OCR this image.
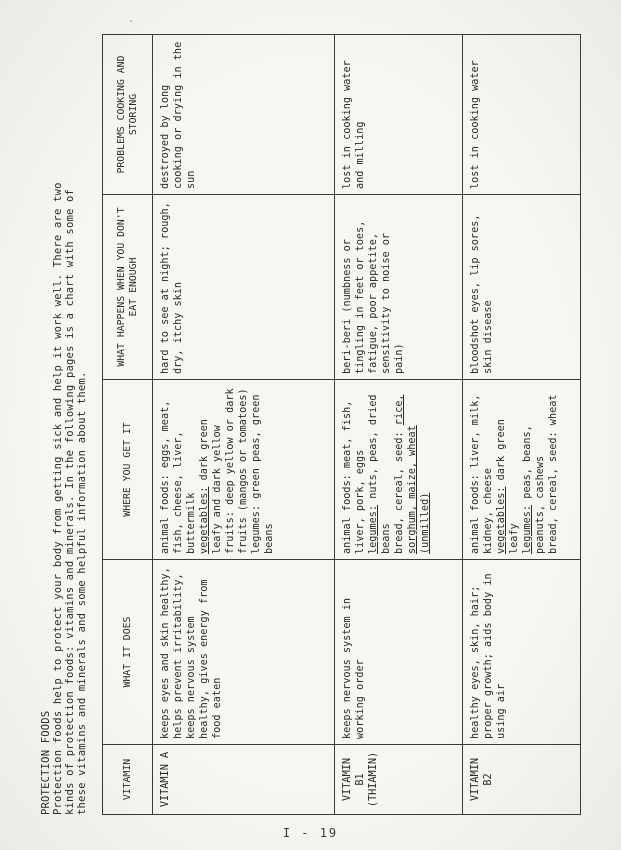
ˇ
PROTECTION FOODS Protection foods help to protect your body from getting sick and help it work well. There are two kinds of protection foods: vitamins and minerals. In the following pages is a chart with some of these vitamins and minerals and some helpful information about them.	VITAMIN	WHAT IT DOES	WHERE YOU GET IT	WHAT HAPPENS WHEN YOU DON'T EAT ENOUGH	PROBLEMS COOKING AND STORING
VITAMIN A	keeps eyes and skin healthy, helps prevent irritability, keeps nervous system healthy, gives energy from food eaten	animal foods: eggs, meat, fish, cheese, liver, buttermilk vegetables: dark green leafy and dark yellow fruits: deep yellow or dark fruits (mangos or tomatoes) legumes: green peas, green beans	hard to see at night; rough, dry, itchy skin	destroyed by long cooking or drying in the sun

VITAMIN B1 (THIAMIN)	keeps nervous system in working order	animal foods: meat, fish, liver, pork, eggs legumes: nuts, peas, dried beans bread, cereal, seed: rice, sorghum, maize, wheat (unmilled)	beri-beri (numbness or tingling in feet or toes, fatigue, poor appetite, sensitivity to noise or pain)	lost in cooking water and milling

VITAMIN B2	healthy eyes, skin, hair; proper growth; aids body in using air	animal foods: liver, milk, kidney, cheese vegetables: dark green leafy legumes: peas, beans, peanuts, cashews bread, cereal, seed: wheat	bloodshot eyes, lip sores, skin disease	lost in cooking water
I - 19
